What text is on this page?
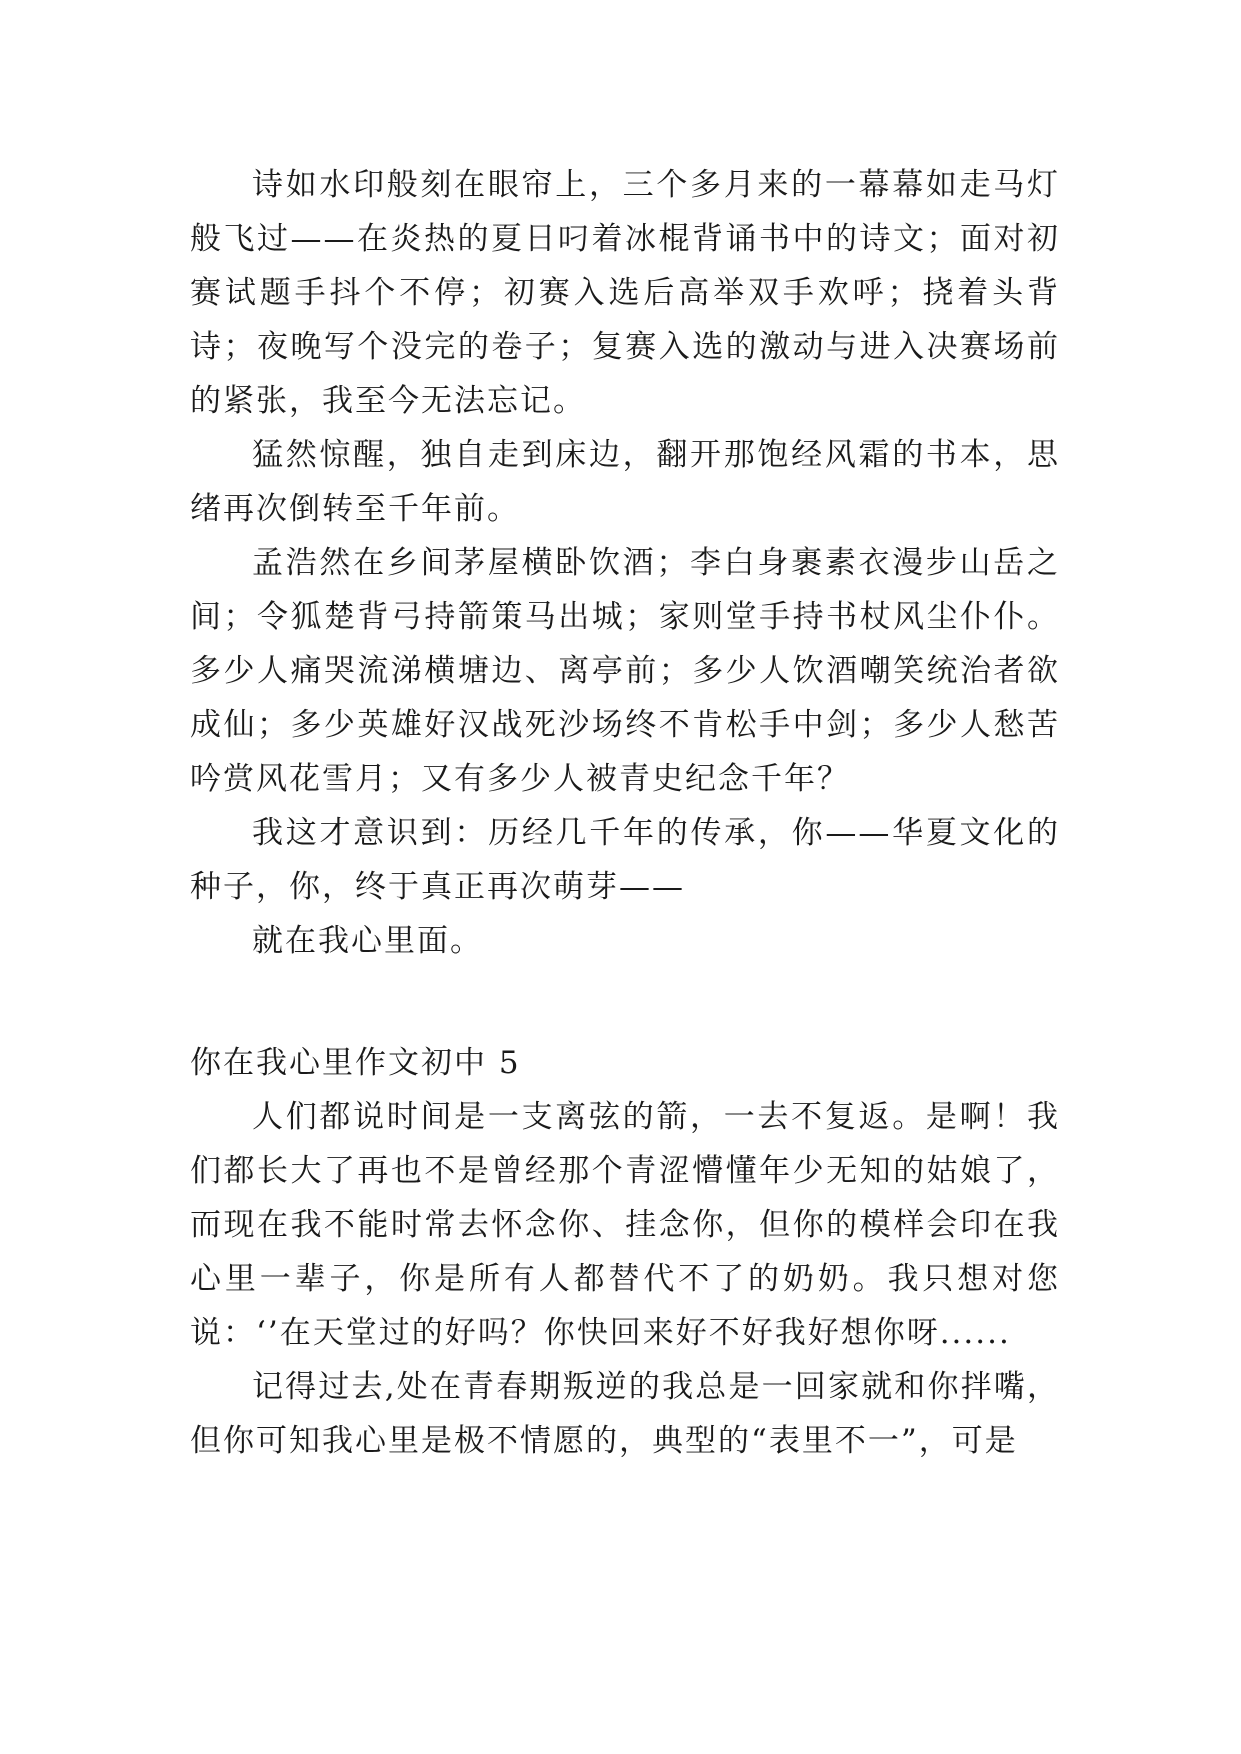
诗如水印般刻在眼帘上，三个多月来的一幕幕如走马灯般飞过——在炎热的夏日叼着冰棍背诵书中的诗文；面对初赛试题手抖个不停；初赛入选后高举双手欢呼；挠着头背诗；夜晚写个没完的卷子；复赛入选的激动与进入决赛场前的紧张，我至今无法忘记。

猛然惊醒，独自走到床边，翻开那饱经风霜的书本，思绪再次倒转至千年前。

孟浩然在乡间茅屋横卧饮酒；李白身裹素衣漫步山岳之间；令狐楚背弓持箭策马出城；家则堂手持书杖风尘仆仆。多少人痛哭流涕横塘边、离亭前；多少人饮酒嘲笑统治者欲成仙；多少英雄好汉战死沙场终不肯松手中剑；多少人愁苦吟赏风花雪月；又有多少人被青史纪念千年？

我这才意识到：历经几千年的传承，你——华夏文化的种子，你，终于真正再次萌芽——

就在我心里面。

你在我心里作文初中 5

人们都说时间是一支离弦的箭，一去不复返。是啊！我们都长大了再也不是曾经那个青涩懵懂年少无知的姑娘了，而现在我不能时常去怀念你、挂念你，但你的模样会印在我心里一辈子，你是所有人都替代不了的奶奶。我只想对您说：‘’在天堂过的好吗？你快回来好不好我好想你呀......

记得过去,处在青春期叛逆的我总是一回家就和你拌嘴，但你可知我心里是极不情愿的，典型的“表里不一”，可是
